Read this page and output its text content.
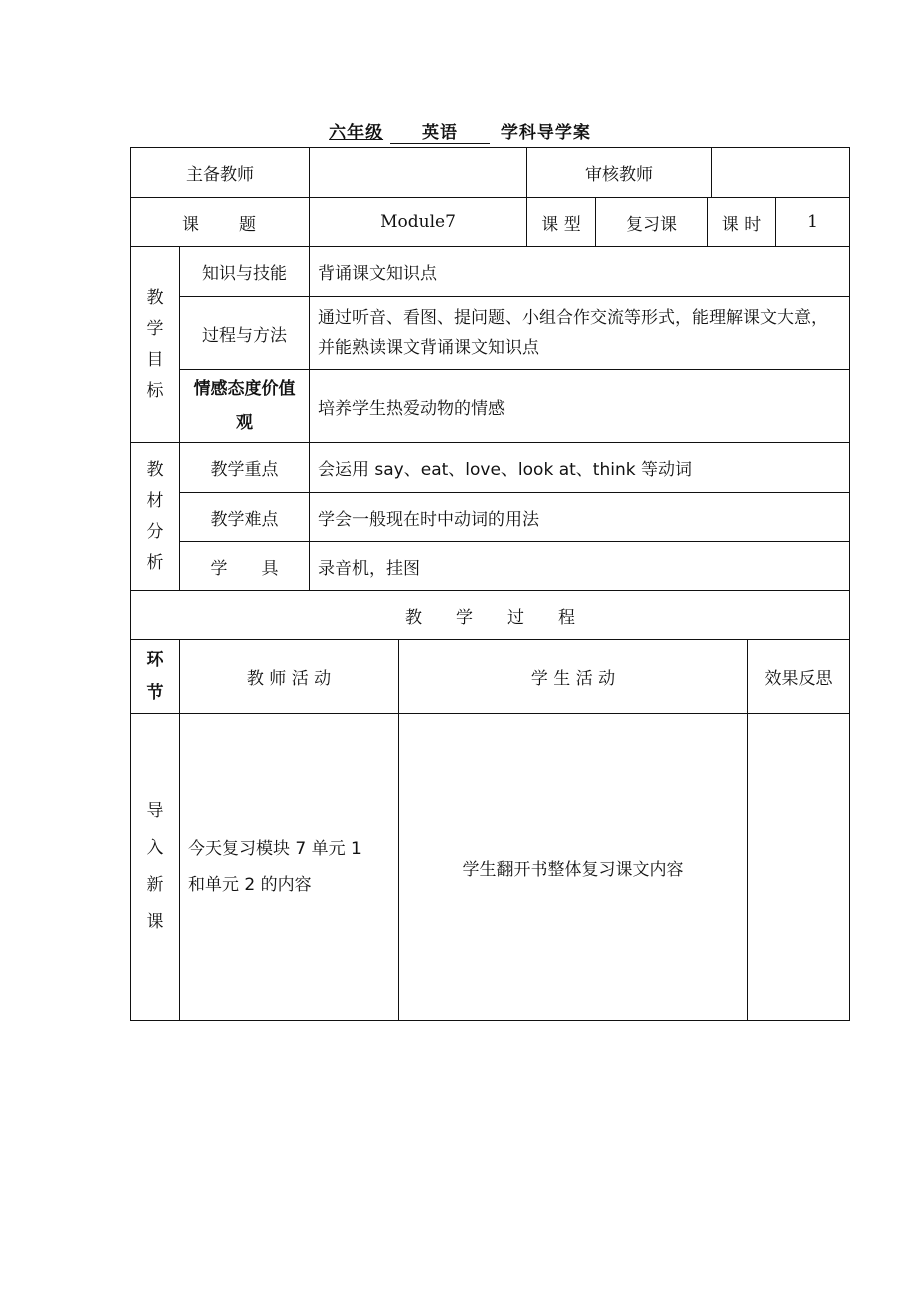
六年级 英语	学科导学案
主备教师			审核教师				
课　　题		Module7	课 型	复习课	课 时		1
教学目标	知识与技能	背诵课文知识点					
	过程与方法	通过听音、看图、提问题、小组合作交流等形式，能理解课文大意，并能熟读课文背诵课文知识点					
	情感态度价值观	培养学生热爱动物的情感					
教材分析	教学重点	会运用 say、eat、love、look at、think 等动词					
	教学难点	学会一般现在时中动词的用法					
	学　　具	录音机，挂图					
教　　学　　过　　程							
环节	教 师 活 动	学 生 活 动	效果反思
导入新课	今天复习模块 7 单元 1 和单元 2 的内容	学生翻开书整体复习课文内容	
